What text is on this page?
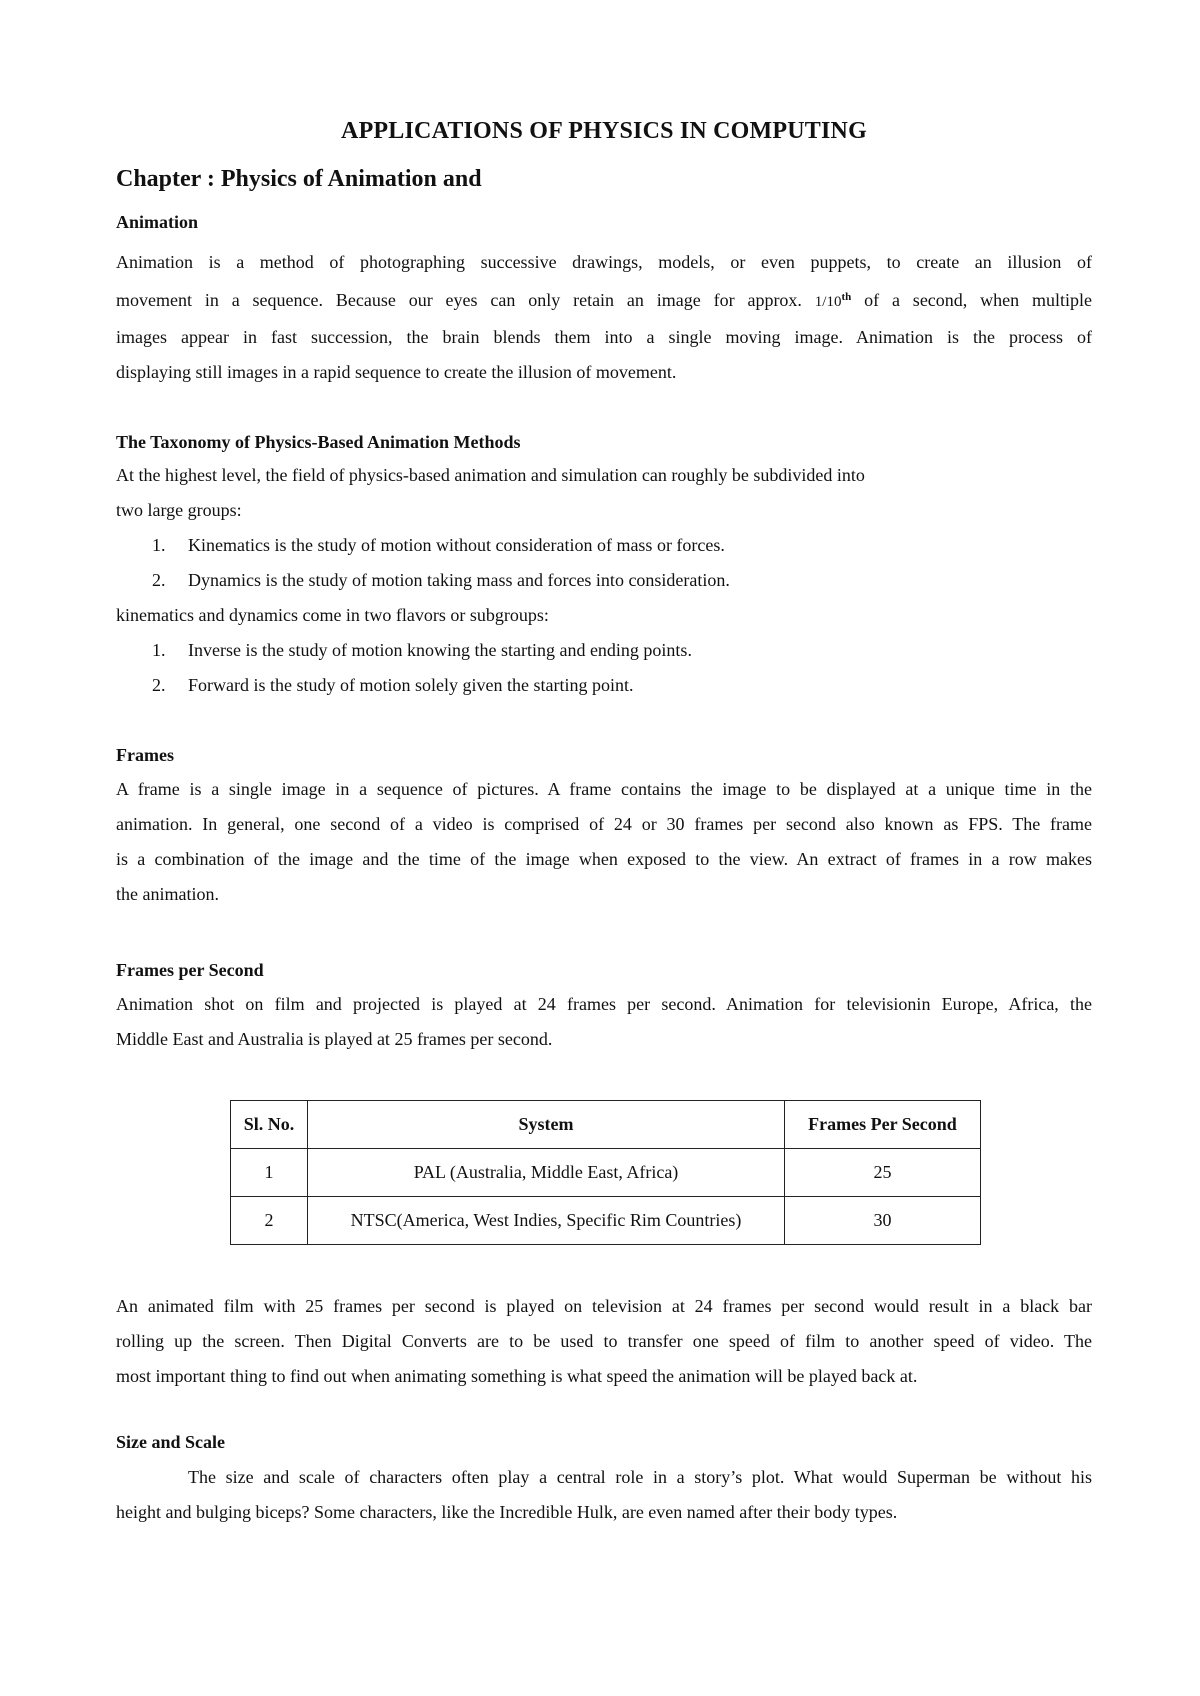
APPLICATIONS OF PHYSICS IN COMPUTING
Chapter : Physics of Animation and
Animation
Animation is a method of photographing successive drawings, models, or even puppets, to create an illusion of
movement in a sequence. Because our eyes can only retain an image for approx. 1/10th of a second, when multiple
images appear in fast succession, the brain blends them into a single moving image. Animation is the process of
displaying still images in a rapid sequence to create the illusion of movement.
The Taxonomy of Physics-Based Animation Methods
At the highest level, the field of physics-based animation and simulation can roughly be subdivided into
two large groups:
1. Kinematics is the study of motion without consideration of mass or forces.
2. Dynamics is the study of motion taking mass and forces into consideration.
kinematics and dynamics come in two flavors or subgroups:
1. Inverse is the study of motion knowing the starting and ending points.
2. Forward is the study of motion solely given the starting point.
Frames
A frame is a single image in a sequence of pictures. A frame contains the image to be displayed at a unique time in the
animation. In general, one second of a video is comprised of 24 or 30 frames per second also known as FPS. The frame
is a combination of the image and the time of the image when exposed to the view. An extract of frames in a row makes
the animation.
Frames per Second
Animation shot on film and projected is played at 24 frames per second. Animation for televisionin Europe, Africa, the
Middle East and Australia is played at 25 frames per second.
Sl. No.	System	Frames Per Second
1	PAL (Australia, Middle East, Africa)	25
2	NTSC(America, West Indies, Specific Rim Countries)	30
An animated film with 25 frames per second is played on television at 24 frames per second would result in a black bar
rolling up the screen. Then Digital Converts are to be used to transfer one speed of film to another speed of video. The
most important thing to find out when animating something is what speed the animation will be played back at.
Size and Scale
The size and scale of characters often play a central role in a story’s plot. What would Superman be without his
height and bulging biceps? Some characters, like the Incredible Hulk, are even named after their body types.
